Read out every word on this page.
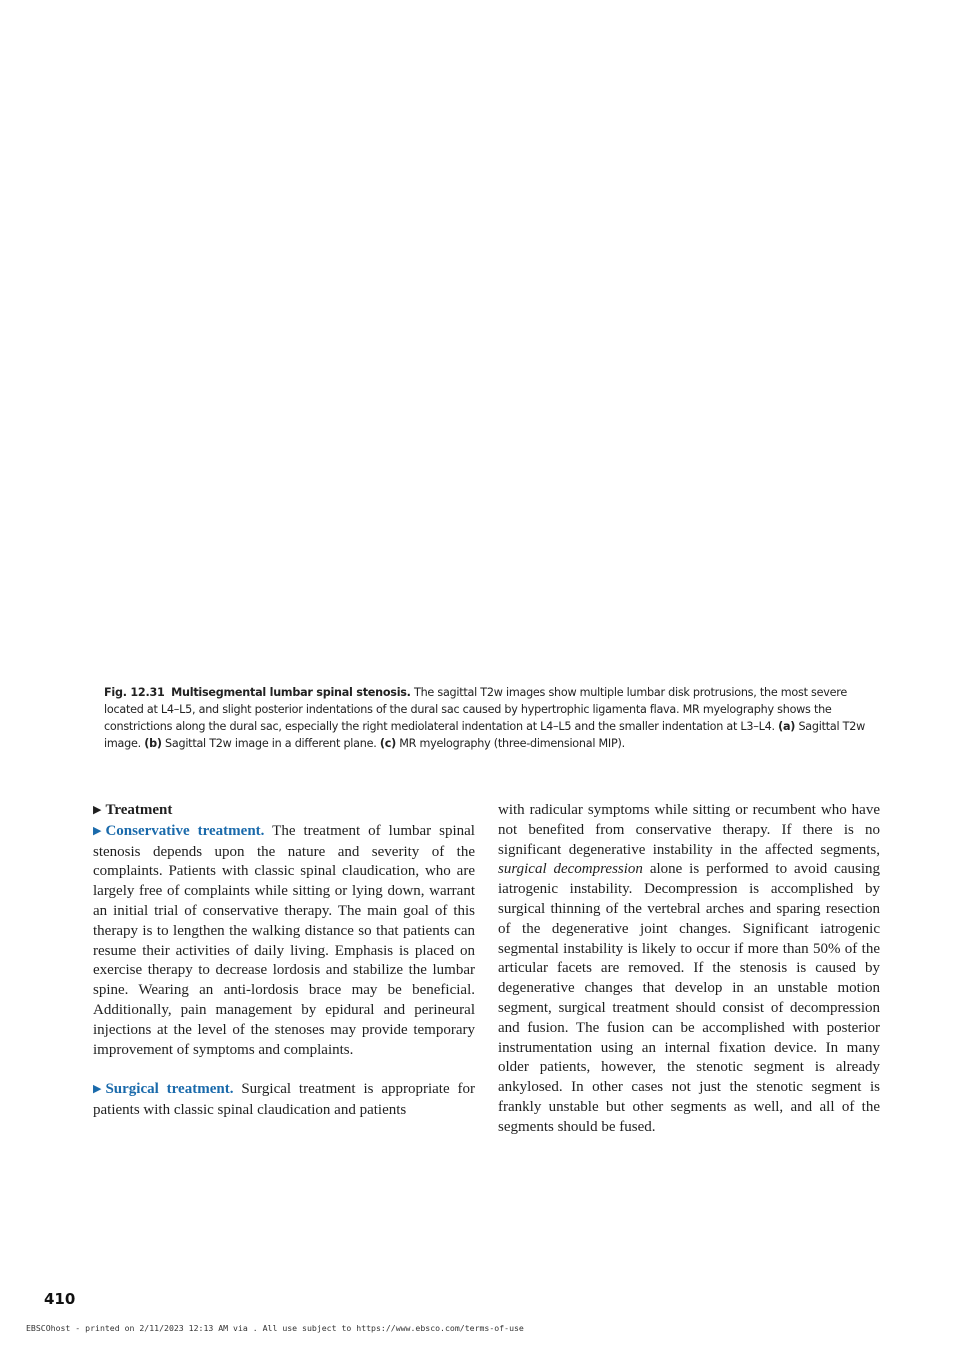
Fig. 12.31 Multisegmental lumbar spinal stenosis. The sagittal T2w images show multiple lumbar disk protrusions, the most severe located at L4–L5, and slight posterior indentations of the dural sac caused by hypertrophic ligamenta flava. MR myelography shows the constrictions along the dural sac, especially the right mediolateral indentation at L4–L5 and the smaller indentation at L3–L4. (a) Sagittal T2w image. (b) Sagittal T2w image in a different plane. (c) MR myelography (three-dimensional MIP).

▶ Treatment

▶ Conservative treatment. The treatment of lumbar spinal stenosis depends upon the nature and severity of the complaints. Patients with classic spinal claudication, who are largely free of complaints while sitting or lying down, warrant an initial trial of conservative therapy. The main goal of this therapy is to lengthen the walking distance so that patients can resume their activities of daily living. Emphasis is placed on exercise therapy to decrease lordosis and stabilize the lumbar spine. Wearing an anti-lordosis brace may be beneficial. Additionally, pain management by epidural and perineural injections at the level of the stenoses may provide temporary improvement of symptoms and complaints.

▶ Surgical treatment. Surgical treatment is appropriate for patients with classic spinal claudication and patients

with radicular symptoms while sitting or recumbent who have not benefited from conservative therapy. If there is no significant degenerative instability in the affected segments, surgical decompression alone is performed to avoid causing iatrogenic instability. Decompression is accomplished by surgical thinning of the vertebral arches and sparing resection of the degenerative joint changes. Significant iatrogenic segmental instability is likely to occur if more than 50% of the articular facets are removed. If the stenosis is caused by degenerative changes that develop in an unstable motion segment, surgical treatment should consist of decompression and fusion. The fusion can be accomplished with posterior instrumentation using an internal fixation device. In many older patients, however, the stenotic segment is already ankylosed. In other cases not just the stenotic segment is frankly unstable but other segments as well, and all of the segments should be fused.

410
EBSCOhost - printed on 2/11/2023 12:13 AM via . All use subject to https://www.ebsco.com/terms-of-use
